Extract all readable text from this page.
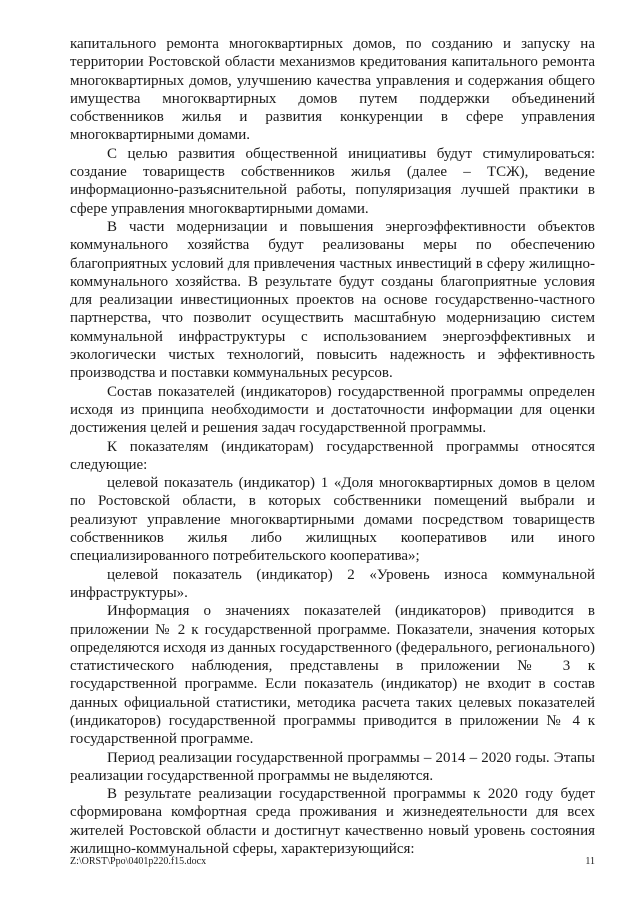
капитального ремонта многоквартирных домов, по созданию и запуску на территории Ростовской области механизмов кредитования капитального ремонта многоквартирных домов, улучшению качества управления и содержания общего имущества многоквартирных домов путем поддержки объединений собственников жилья и развития конкуренции в сфере управления многоквартирными домами.

С целью развития общественной инициативы будут стимулироваться: создание товариществ собственников жилья (далее – ТСЖ), ведение информационно-разъяснительной работы, популяризация лучшей практики в сфере управления многоквартирными домами.

В части модернизации и повышения энергоэффективности объектов коммунального хозяйства будут реализованы меры по обеспечению благоприятных условий для привлечения частных инвестиций в сферу жилищно-коммунального хозяйства. В результате будут созданы благоприятные условия для реализации инвестиционных проектов на основе государственно-частного партнерства, что позволит осуществить масштабную модернизацию систем коммунальной инфраструктуры с использованием энергоэффективных и экологически чистых технологий, повысить надежность и эффективность производства и поставки коммунальных ресурсов.

Состав показателей (индикаторов) государственной программы определен исходя из принципа необходимости и достаточности информации для оценки достижения целей и решения задач государственной программы.

К показателям (индикаторам) государственной программы относятся следующие:

целевой показатель (индикатор) 1 «Доля многоквартирных домов в целом по Ростовской области, в которых собственники помещений выбрали и реализуют управление многоквартирными домами посредством товариществ собственников жилья либо жилищных кооперативов или иного специализированного потребительского кооператива»;

целевой показатель (индикатор) 2 «Уровень износа коммунальной инфраструктуры».

Информация о значениях показателей (индикаторов) приводится в приложении № 2 к государственной программе. Показатели, значения которых определяются исходя из данных государственного (федерального, регионального) статистического наблюдения, представлены в приложении № 3 к государственной программе. Если показатель (индикатор) не входит в состав данных официальной статистики, методика расчета таких целевых показателей (индикаторов) государственной программы приводится в приложении № 4 к государственной программе.

Период реализации государственной программы – 2014 – 2020 годы. Этапы реализации государственной программы не выделяются.

В результате реализации государственной программы к 2020 году будет сформирована комфортная среда проживания и жизнедеятельности для всех жителей Ростовской области и достигнут качественно новый уровень состояния жилищно-коммунальной сферы, характеризующийся:

Z:\ORST\Ppo\0401p220.f15.docx	11
